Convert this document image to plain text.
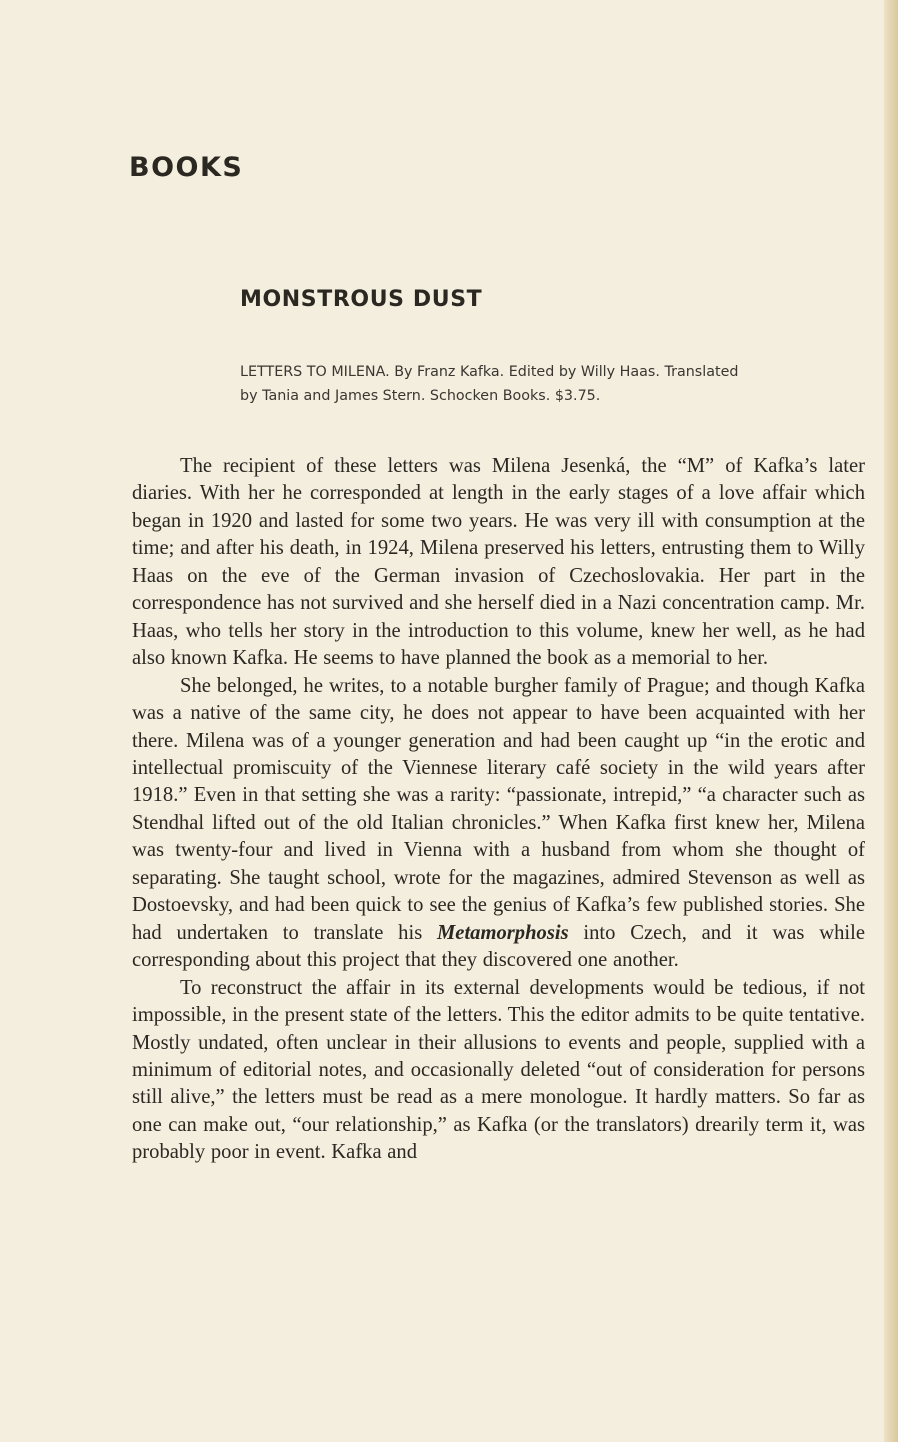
BOOKS
MONSTROUS DUST
LETTERS TO MILENA. By Franz Kafka. Edited by Willy Haas. Translated
by Tania and James Stern. Schocken Books. $3.75.

The recipient of these letters was Milena Jesenká, the “M” of Kafka’s later diaries. With her he corresponded at length in the early stages of a love affair which began in 1920 and lasted for some two years. He was very ill with consumption at the time; and after his death, in 1924, Milena preserved his letters, entrusting them to Willy Haas on the eve of the German invasion of Czechoslovakia. Her part in the correspondence has not survived and she herself died in a Nazi concentration camp. Mr. Haas, who tells her story in the introduction to this volume, knew her well, as he had also known Kafka. He seems to have planned the book as a memorial to her.

She belonged, he writes, to a notable burgher family of Prague; and though Kafka was a native of the same city, he does not appear to have been acquainted with her there. Milena was of a younger generation and had been caught up “in the erotic and intellectual promiscuity of the Viennese literary café society in the wild years after 1918.” Even in that setting she was a rarity: “passionate, intrepid,” “a character such as Stendhal lifted out of the old Italian chronicles.” When Kafka first knew her, Milena was twenty-four and lived in Vienna with a husband from whom she thought of separating. She taught school, wrote for the magazines, admired Stevenson as well as Dostoevsky, and had been quick to see the genius of Kafka’s few published stories. She had undertaken to translate his Metamorphosis into Czech, and it was while corresponding about this project that they discovered one another.

To reconstruct the affair in its external developments would be tedious, if not impossible, in the present state of the letters. This the editor admits to be quite tentative. Mostly undated, often unclear in their allusions to events and people, supplied with a minimum of editorial notes, and occasionally deleted “out of consideration for persons still alive,” the letters must be read as a mere monologue. It hardly matters. So far as one can make out, “our relationship,” as Kafka (or the translators) drearily term it, was probably poor in event. Kafka and
